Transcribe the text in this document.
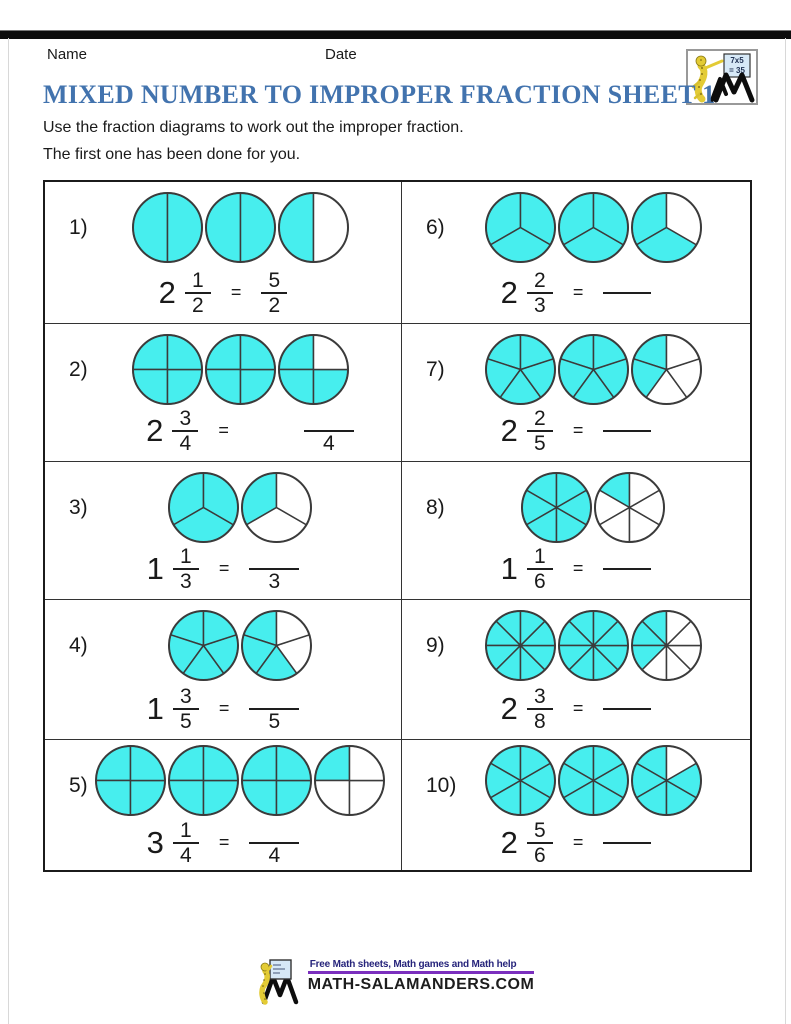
Name	Date	7x5
= 35
MIXED NUMBER TO IMPROPER FRACTION SHEET 1

Use the fraction diagrams to work out the improper fraction.

The first one has been done for you.

1)
$2 \frac{1}{2} = \frac{5}{2}$
2)
$2 \frac{3}{4}$ =
4
3)
$1 \frac{1}{3}$ =
3
4)
$1 \frac{3}{5}$ =
5
5)
$3 \frac{1}{4}$ =
4
6)
$2 \frac{2}{3}$ =
7)
$2 \frac{2}{5}$ =
8)
$1 \frac{1}{6}$ =
9)
$2 \frac{3}{8}$ =
10)
$2 \frac{5}{6}$ =
Free Math sheets, Math games and Math help
MATH-SALAMANDERS.COM
